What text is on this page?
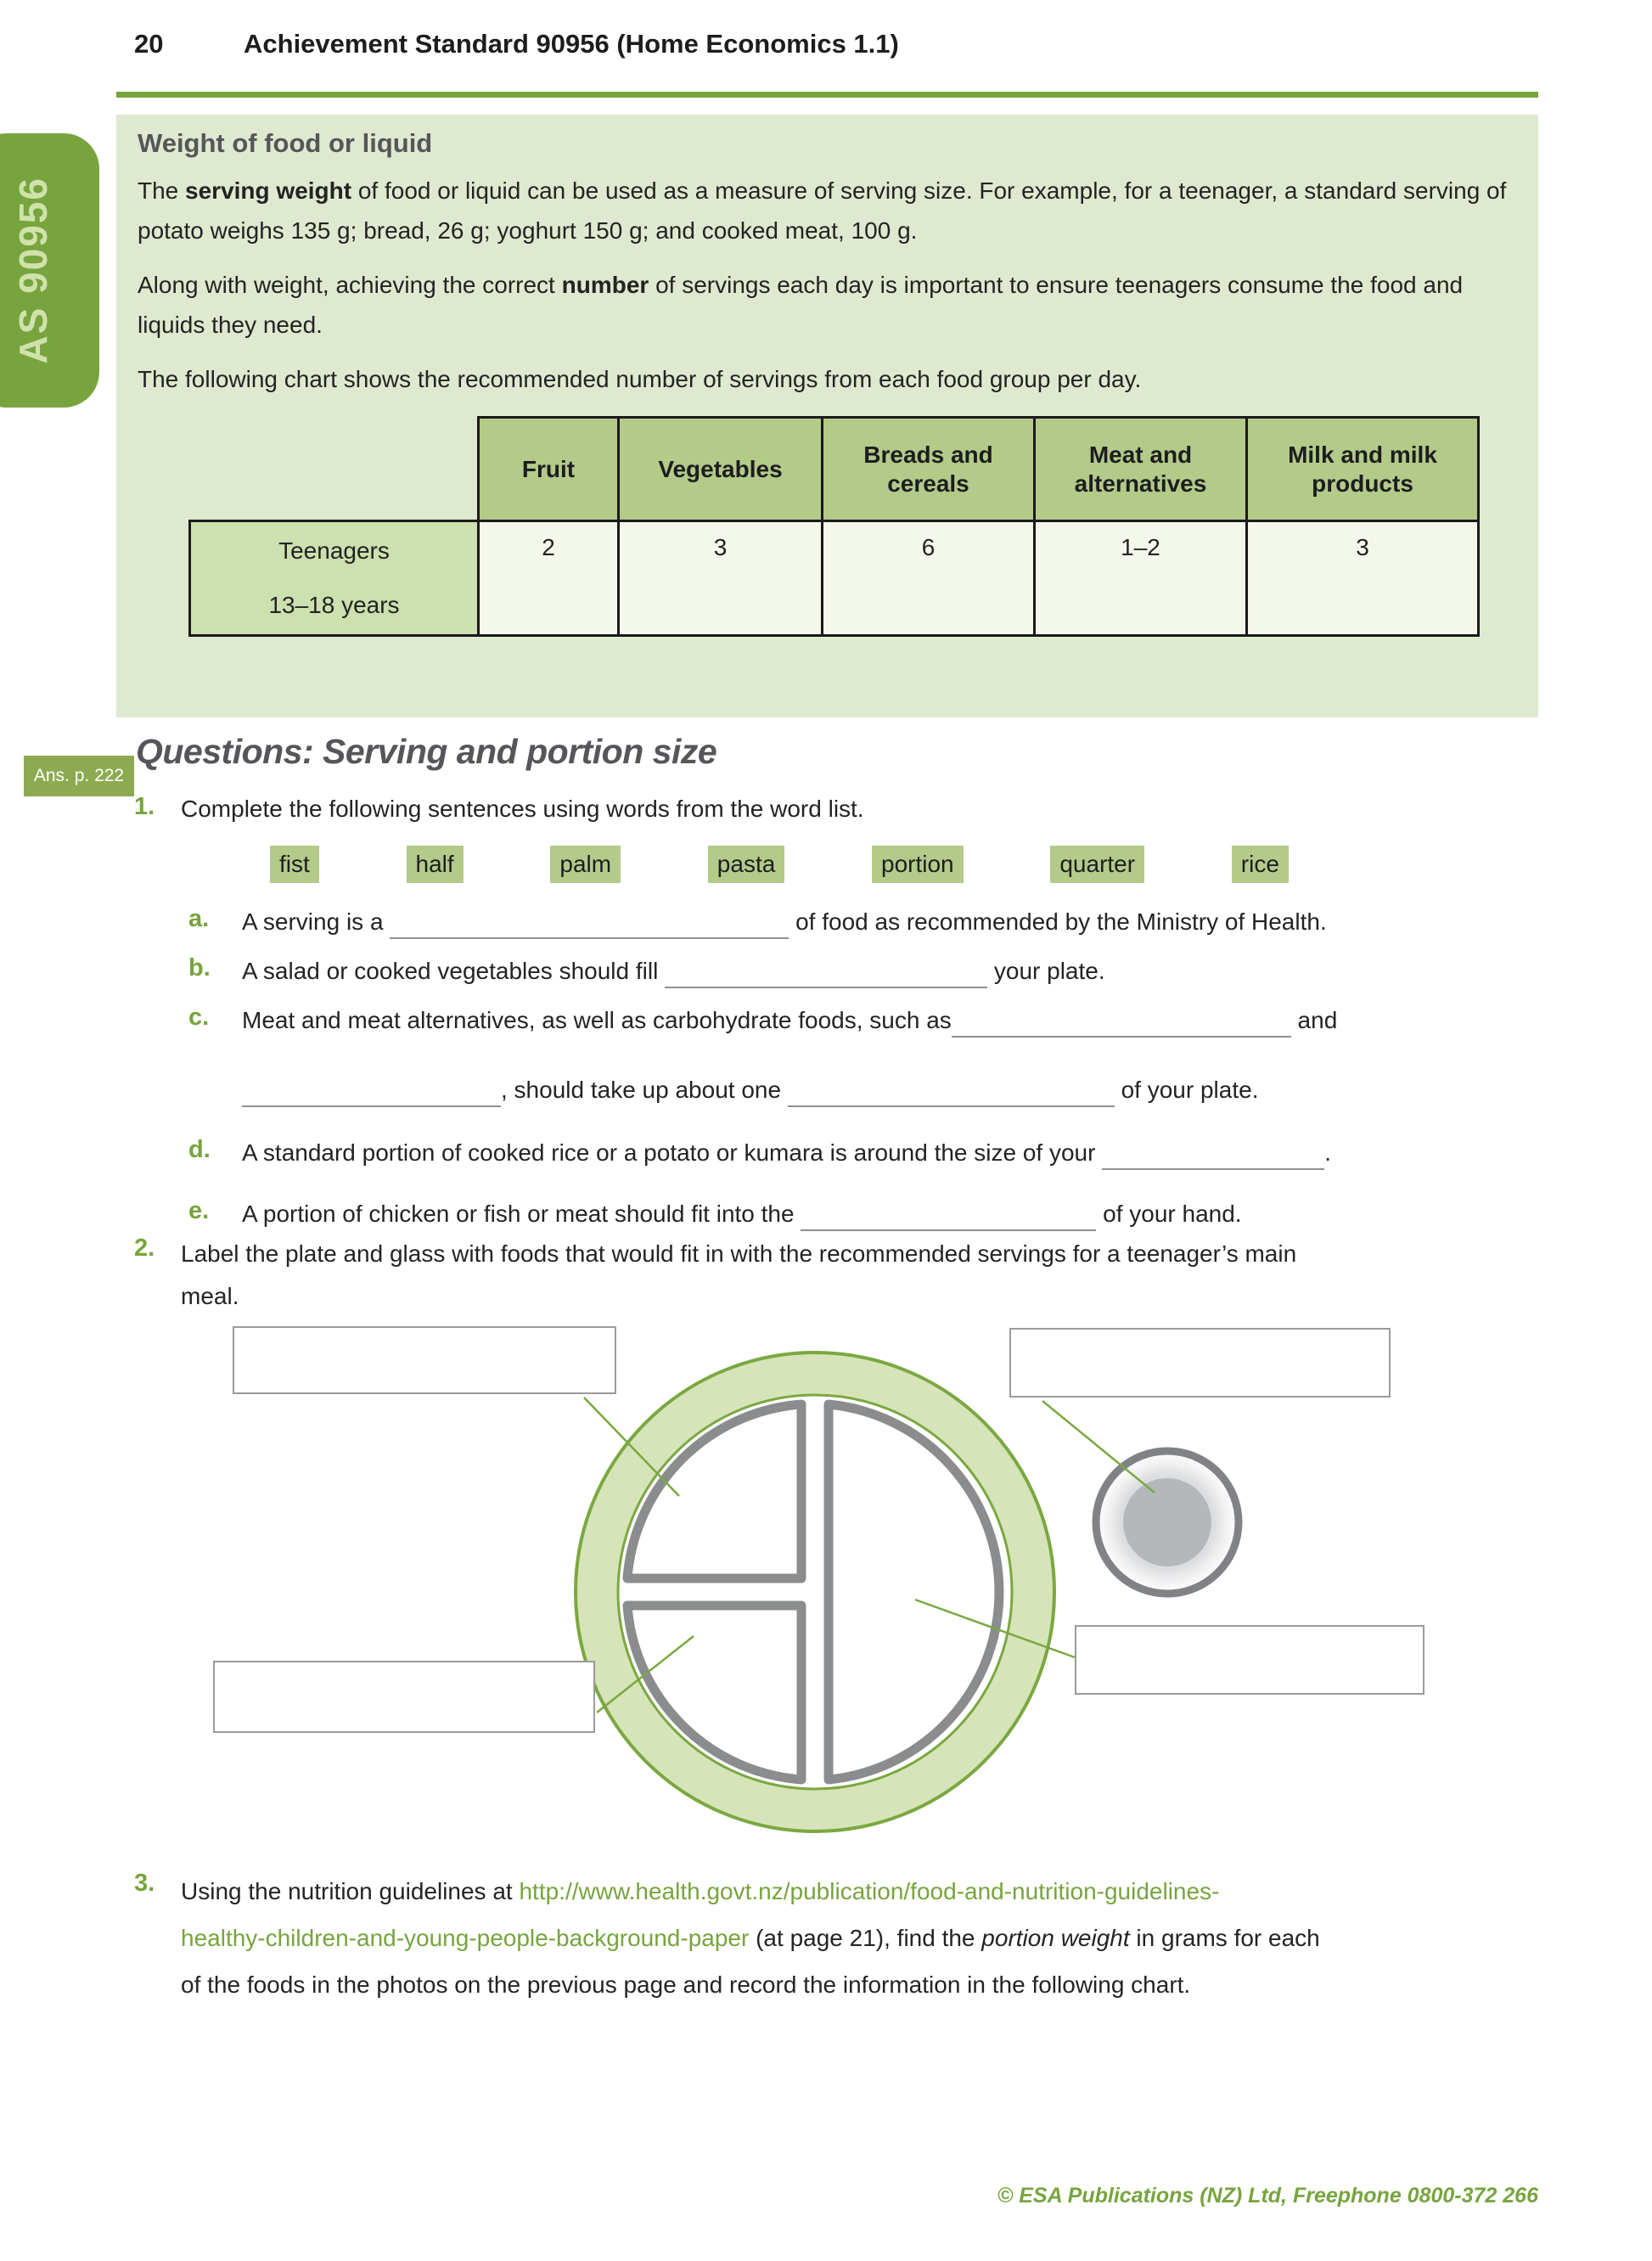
20	Achievement Standard 90956 (Home Economics 1.1)
AS 90956
Weight of food or liquid

The serving weight of food or liquid can be used as a measure of serving size. For example, for a teenager, a standard serving of potato weighs 135 g; bread, 26 g; yoghurt 150 g; and cooked meat, 100 g.

Along with weight, achieving the correct number of servings each day is important to ensure teenagers consume the food and liquids they need.

The following chart shows the recommended number of servings from each food group per day.

	Fruit	Vegetables	Breads and cereals	Meat and alternatives	Milk and milk products

Teenagers
13–18 years	2	3	6	1–2	3
Ans. p. 222
Questions: Serving and portion size
1. Complete the following sentences using words from the word list.
fist	half	palm	pasta	portion	quarter	rice
a. A serving is a	of food as recommended by the Ministry of Health.
b. A salad or cooked vegetables should fill	your plate.
c. Meat and meat alternatives, as well as carbohydrate foods, such as	and
, should take up about one	of your plate.
d. A standard portion of cooked rice or a potato or kumara is around the size of your	.
e. A portion of chicken or fish or meat should fit into the	of your hand.
2. Label the plate and glass with foods that would fit in with the recommended servings for a teenager’s main meal.
3. Using the nutrition guidelines at http://www.health.govt.nz/publication/food-and-nutrition-guidelines-
healthy-children-and-young-people-background-paper (at page 21), find the portion weight in grams for each
of the foods in the photos on the previous page and record the information in the following chart.
© ESA Publications (NZ) Ltd, Freephone 0800-372 266
